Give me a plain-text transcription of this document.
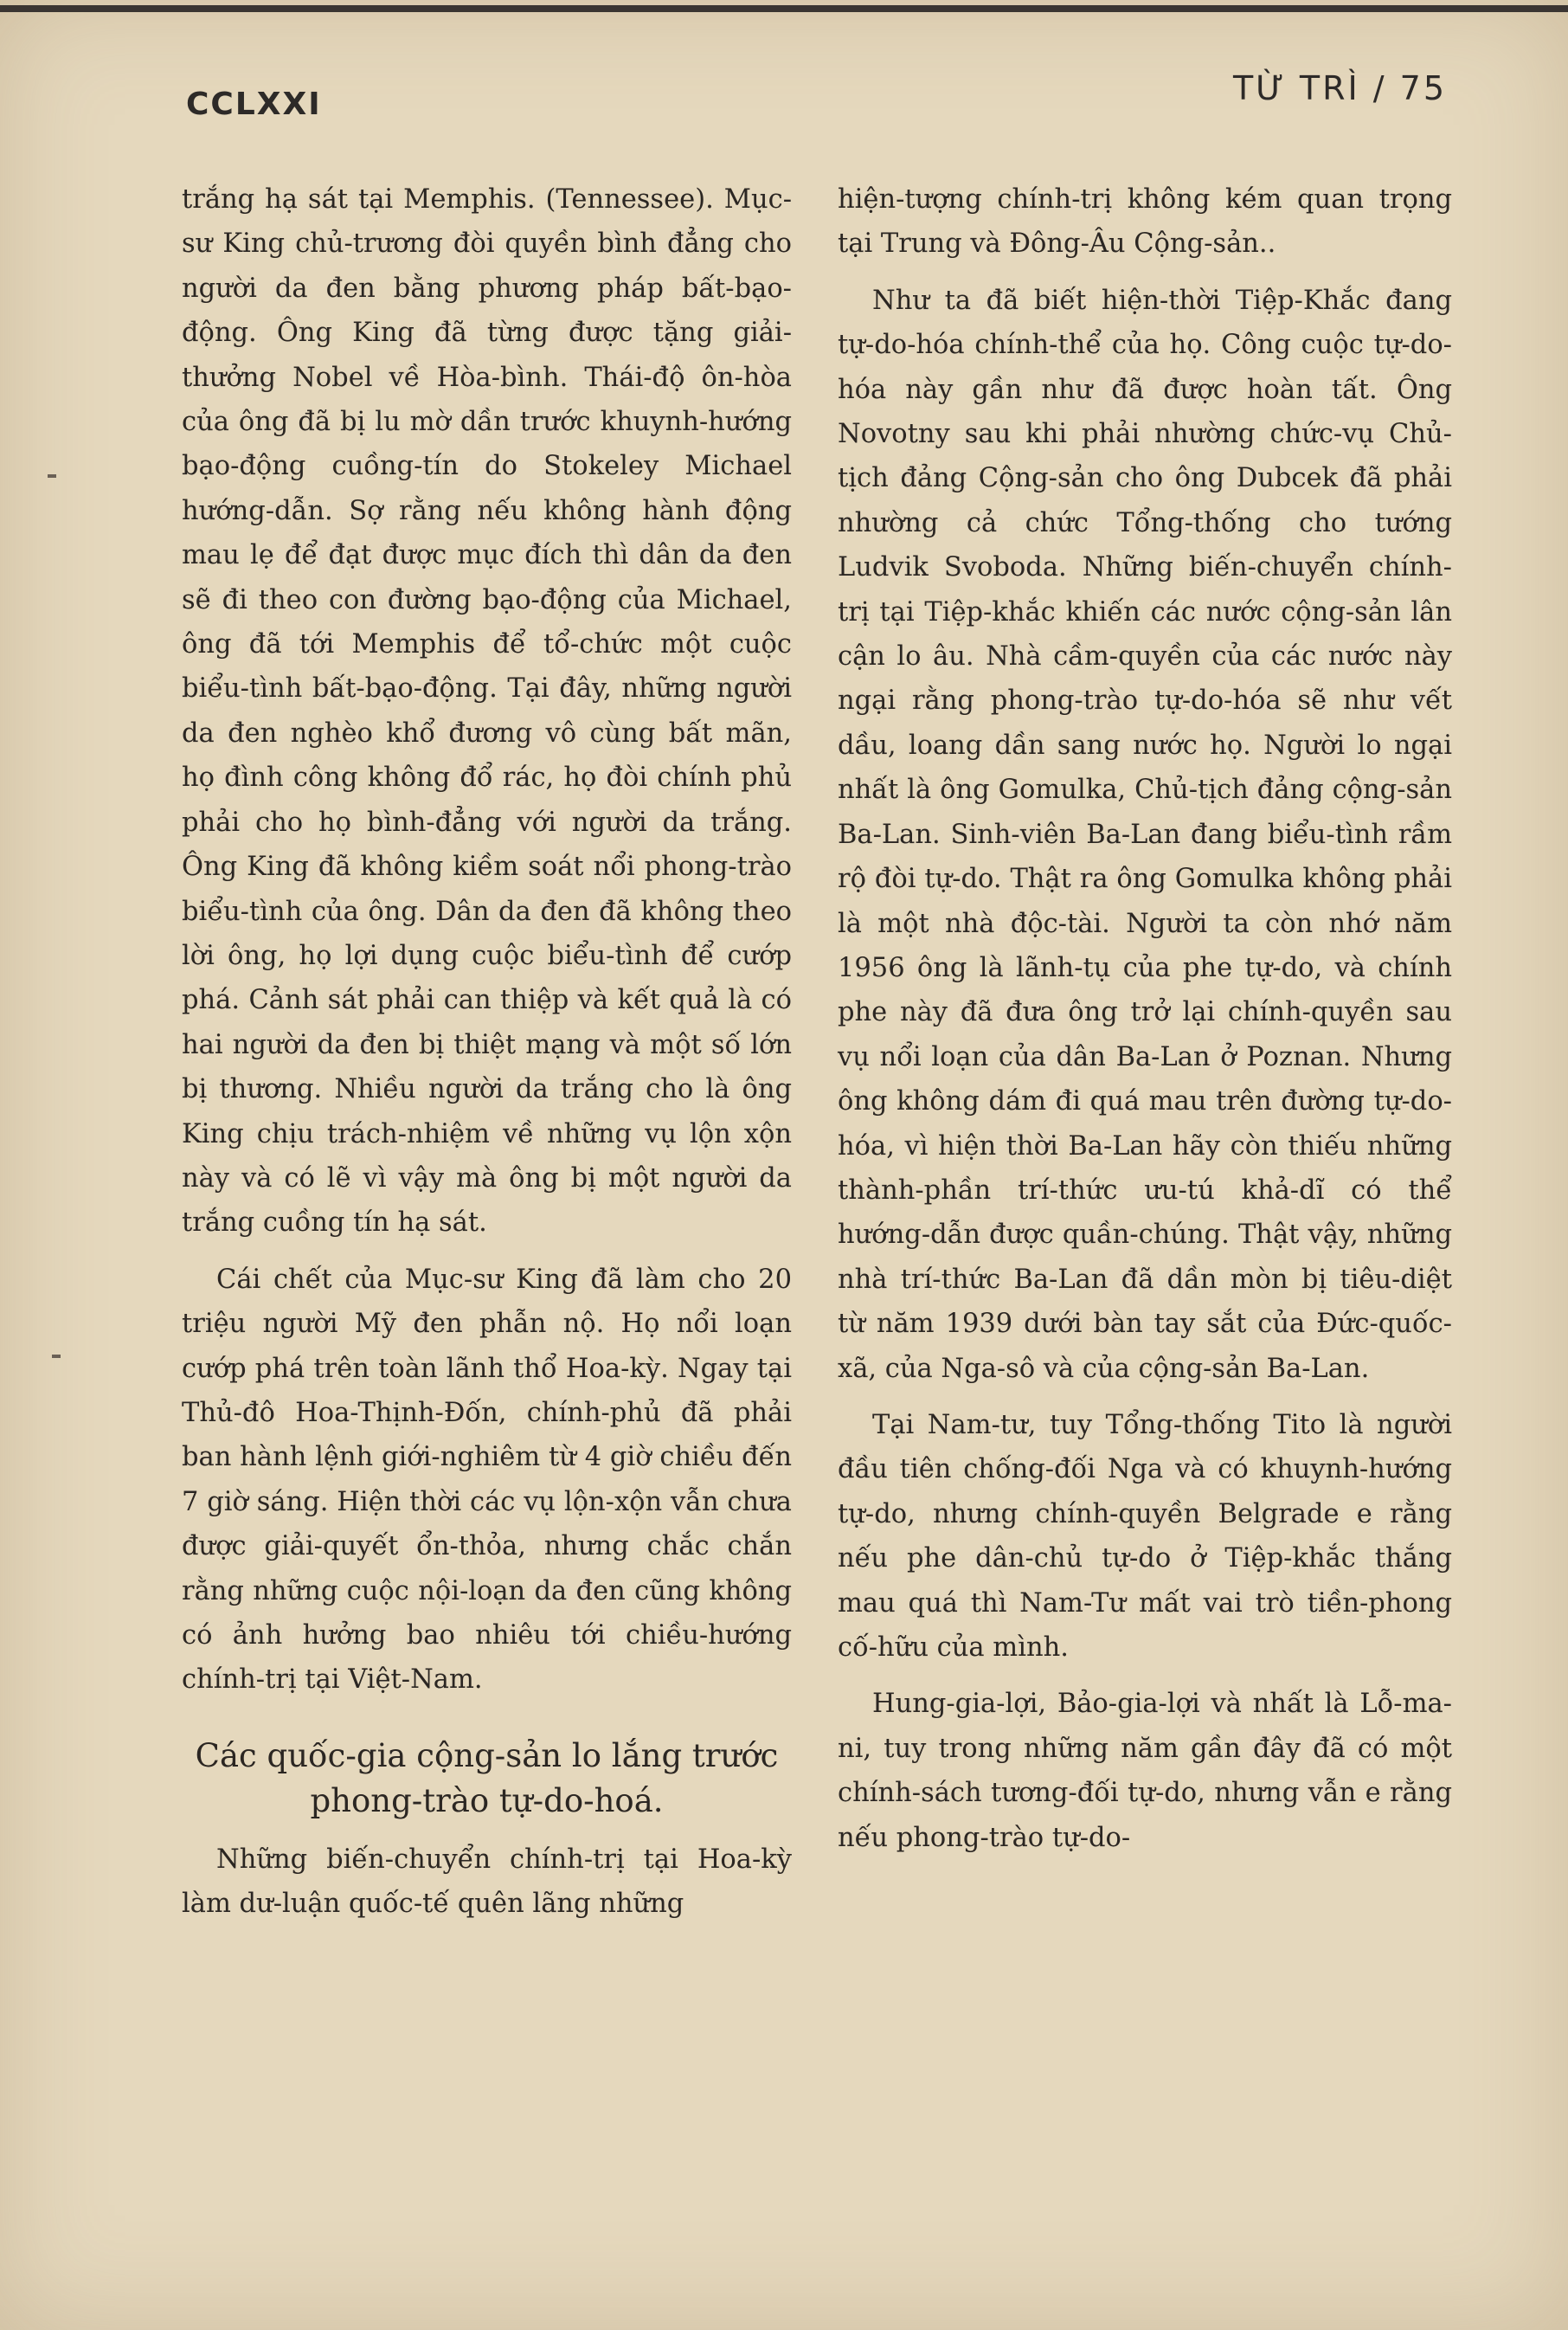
CCLXXI	TỪ TRÌ / 75

trắng hạ sát tại Memphis. (Tennessee). Mục-sư King chủ-trương đòi quyền bình đẳng cho người da đen bằng phương pháp bất-bạo-động. Ông King đã từng được tặng giải-thưởng Nobel về Hòa-bình. Thái-độ ôn-hòa của ông đã bị lu mờ dần trước khuynh-hướng bạo-động cuồng-tín do Stokeley Michael hướng-dẫn. Sợ rằng nếu không hành động mau lẹ để đạt được mục đích thì dân da đen sẽ đi theo con đường bạo-động của Michael, ông đã tới Memphis để tổ-chức một cuộc biểu-tình bất-bạo-động. Tại đây, những người da đen nghèo khổ đương vô cùng bất mãn, họ đình công không đổ rác, họ đòi chính phủ phải cho họ bình-đẳng với người da trắng. Ông King đã không kiềm soát nổi phong-trào biểu-tình của ông. Dân da đen đã không theo lời ông, họ lợi dụng cuộc biểu-tình để cướp phá. Cảnh sát phải can thiệp và kết quả là có hai người da đen bị thiệt mạng và một số lớn bị thương. Nhiều người da trắng cho là ông King chịu trách-nhiệm về những vụ lộn xộn này và có lẽ vì vậy mà ông bị một người da trắng cuồng tín hạ sát.

Cái chết của Mục-sư King đã làm cho 20 triệu người Mỹ đen phẫn nộ. Họ nổi loạn cướp phá trên toàn lãnh thổ Hoa-kỳ. Ngay tại Thủ-đô Hoa-Thịnh-Đốn, chính-phủ đã phải ban hành lệnh giới-nghiêm từ 4 giờ chiều đến 7 giờ sáng. Hiện thời các vụ lộn-xộn vẫn chưa được giải-quyết ổn-thỏa, nhưng chắc chắn rằng những cuộc nội-loạn da đen cũng không có ảnh hưởng bao nhiêu tới chiều-hướng chính-trị tại Việt-Nam.

Các quốc-gia cộng-sản lo lắng trước phong-trào tự-do-hoá.

Những biến-chuyển chính-trị tại Hoa-kỳ làm dư-luận quốc-tế quên lãng những

hiện-tượng chính-trị không kém quan trọng tại Trung và Đông-Âu Cộng-sản..

Như ta đã biết hiện-thời Tiệp-Khắc đang tự-do-hóa chính-thể của họ. Công cuộc tự-do-hóa này gần như đã được hoàn tất. Ông Novotny sau khi phải nhường chức-vụ Chủ-tịch đảng Cộng-sản cho ông Dubcek đã phải nhường cả chức Tổng-thống cho tướng Ludvik Svoboda. Những biến-chuyển chính-trị tại Tiệp-khắc khiến các nước cộng-sản lân cận lo âu. Nhà cầm-quyền của các nước này ngại rằng phong-trào tự-do-hóa sẽ như vết dầu, loang dần sang nước họ. Người lo ngại nhất là ông Gomulka, Chủ-tịch đảng cộng-sản Ba-Lan. Sinh-viên Ba-Lan đang biểu-tình rầm rộ đòi tự-do. Thật ra ông Gomulka không phải là một nhà độc-tài. Người ta còn nhớ năm 1956 ông là lãnh-tụ của phe tự-do, và chính phe này đã đưa ông trở lại chính-quyền sau vụ nổi loạn của dân Ba-Lan ở Poznan. Nhưng ông không dám đi quá mau trên đường tự-do-hóa, vì hiện thời Ba-Lan hãy còn thiếu những thành-phần trí-thức ưu-tú khả-dĩ có thể hướng-dẫn được quần-chúng. Thật vậy, những nhà trí-thức Ba-Lan đã dần mòn bị tiêu-diệt từ năm 1939 dưới bàn tay sắt của Đức-quốc-xã, của Nga-sô và của cộng-sản Ba-Lan.

Tại Nam-tư, tuy Tổng-thống Tito là người đầu tiên chống-đối Nga và có khuynh-hướng tự-do, nhưng chính-quyền Belgrade e rằng nếu phe dân-chủ tự-do ở Tiệp-khắc thắng mau quá thì Nam-Tư mất vai trò tiền-phong cố-hữu của mình.

Hung-gia-lợi, Bảo-gia-lợi và nhất là Lỗ-ma-ni, tuy trong những năm gần đây đã có một chính-sách tương-đối tự-do, nhưng vẫn e rằng nếu phong-trào tự-do-
